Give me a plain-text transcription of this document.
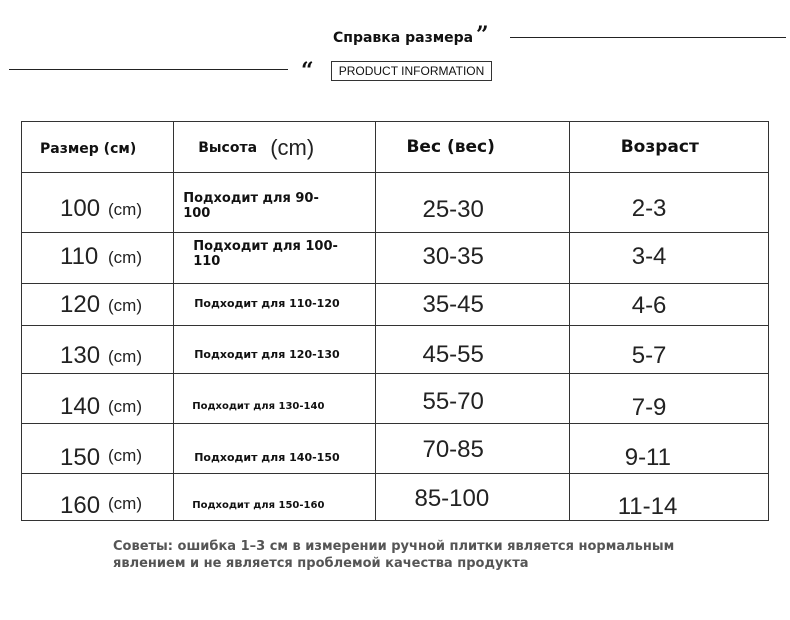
Справка размера ”
“	PRODUCT INFORMATION
Размер (см)	Высота (cm)	Вес (вес)	Возраст

100 (cm)	Подходит для 90-100	25-30	2-3

110 (cm)	Подходит для 100-110	30-35	3-4

120 (cm)	Подходит для 110-120	35-45	4-6

130 (cm)	Подходит для 120-130	45-55	5-7

140 (cm)	Подходит для 130-140	55-70	7-9

150 (cm)	Подходит для 140-150	70-85	9-11

160 (cm)	Подходит для 150-160	85-100	11-14
Советы: ошибка 1–3 см в измерении ручной плитки является нормальным явлением и не является проблемой качества продукта
